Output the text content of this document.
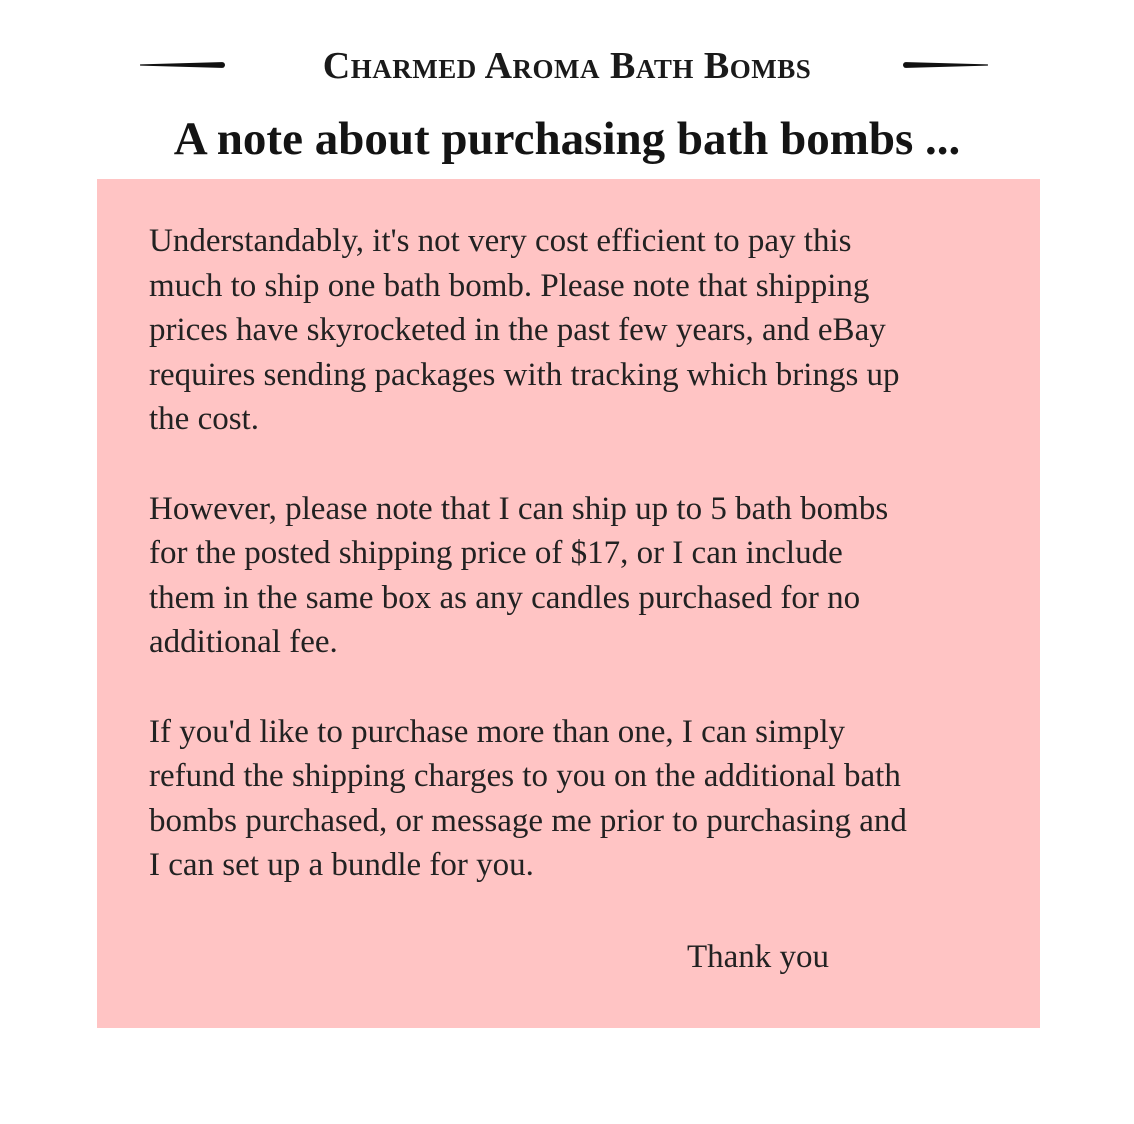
Charmed Aroma Bath Bombs
A note about purchasing bath bombs ...

Understandably, it's not very cost efficient to pay this
much to ship one bath bomb. Please note that shipping
prices have skyrocketed in the past few years, and eBay
requires sending packages with tracking which brings up
the cost.

However, please note that I can ship up to 5 bath bombs
for the posted shipping price of $17, or I can include
them in the same box as any candles purchased for no
additional fee.

If you'd like to purchase more than one, I can simply
refund the shipping charges to you on the additional bath
bombs purchased, or message me prior to purchasing and
I can set up a bundle for you.

Thank you
